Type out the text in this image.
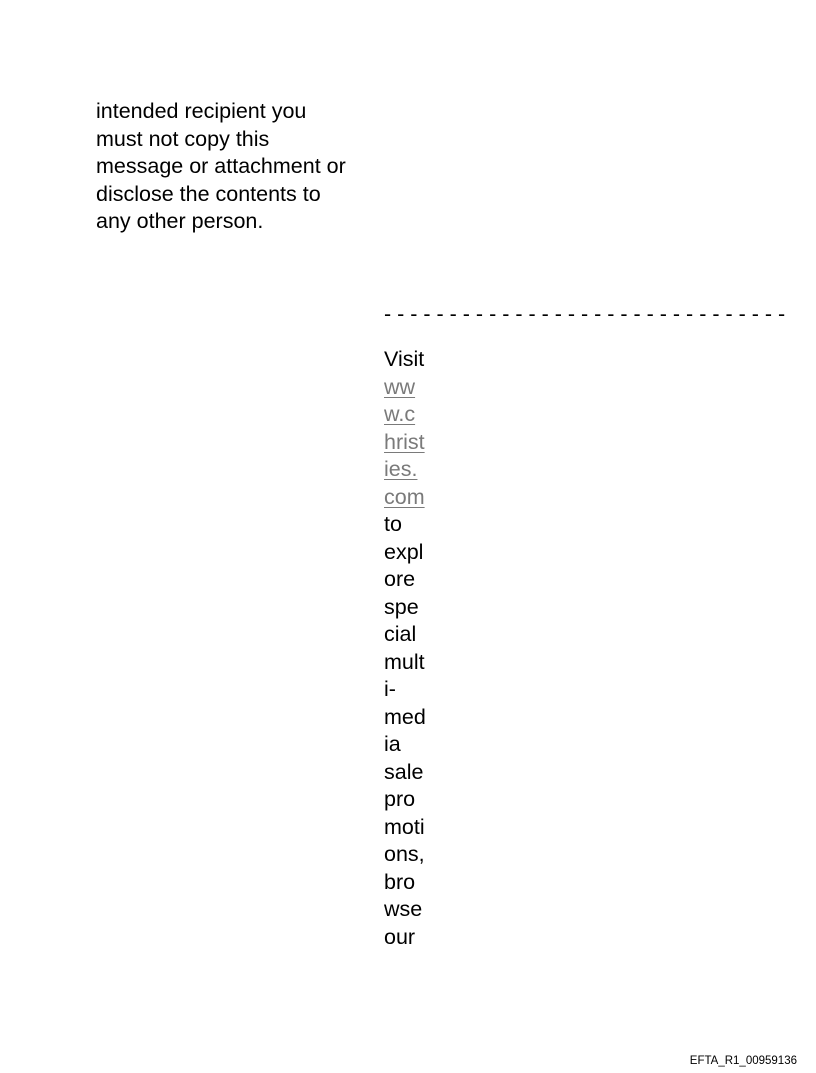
intended recipient you
must not copy this
message or attachment or
disclose the contents to
any other person.
- - - - - - - - - - - - - - - - - - - - - - - - - - - - - - -
Visit
ww
w.c
hrist
ies.
com
to
expl
ore
spe
cial
mult
i-
med
ia
sale
pro
moti
ons,
bro
wse
our
EFTA_R1_00959136
